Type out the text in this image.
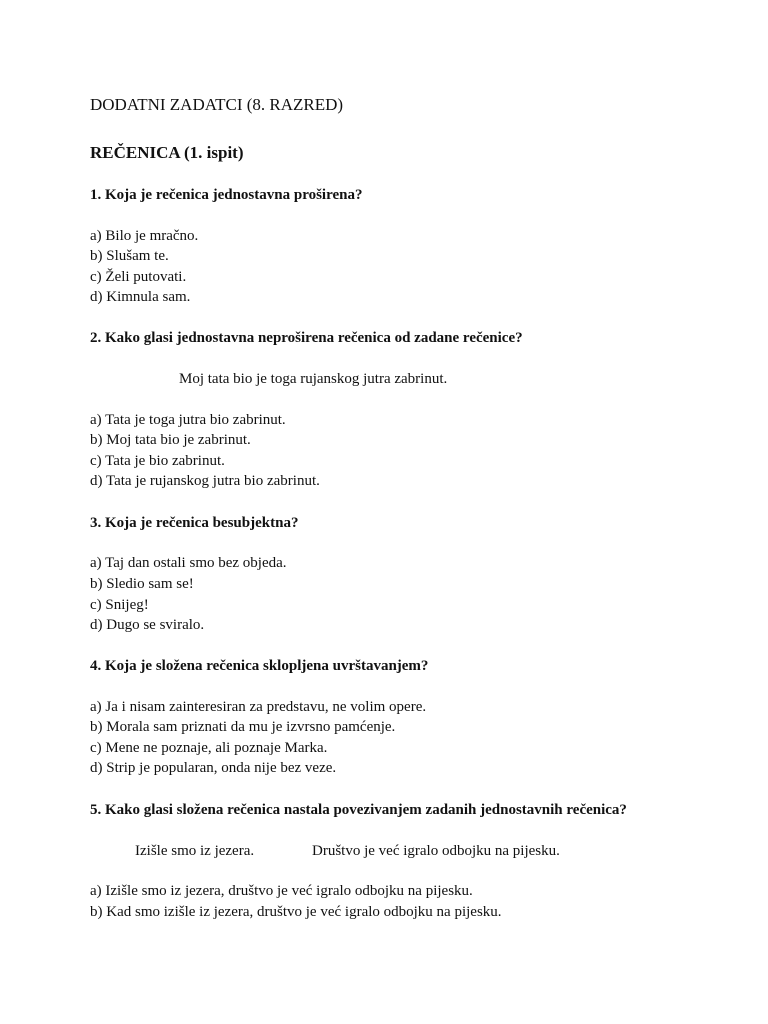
DODATNI ZADATCI (8. RAZRED)
REČENICA (1. ispit)
1. Koja je rečenica jednostavna proširena?
a) Bilo je mračno.
b) Slušam te.
c) Želi putovati.
d) Kimnula sam.
2. Kako glasi jednostavna neproširena rečenica od zadane rečenice?
Moj tata bio je toga rujanskog jutra zabrinut.
a) Tata je toga jutra bio zabrinut.
b) Moj tata bio je zabrinut.
c) Tata je bio zabrinut.
d) Tata je rujanskog jutra bio zabrinut.
3. Koja je rečenica besubjektna?
a) Taj dan ostali smo bez objeda.
b) Sledio sam se!
c) Snijeg!
d) Dugo se sviralo.
4. Koja je složena rečenica sklopljena uvrštavanjem?
a) Ja i nisam zainteresiran za predstavu, ne volim opere.
b) Morala sam priznati da mu je izvrsno pamćenje.
c) Mene ne poznaje, ali poznaje Marka.
d) Strip je popularan, onda nije bez veze.
5. Kako glasi složena rečenica nastala povezivanjem zadanih jednostavnih rečenica?
Izišle smo iz jezera.	Društvo je već igralo odbojku na pijesku.
a) Izišle smo iz jezera, društvo je već igralo odbojku na pijesku.
b) Kad smo izišle iz jezera, društvo je već igralo odbojku na pijesku.
